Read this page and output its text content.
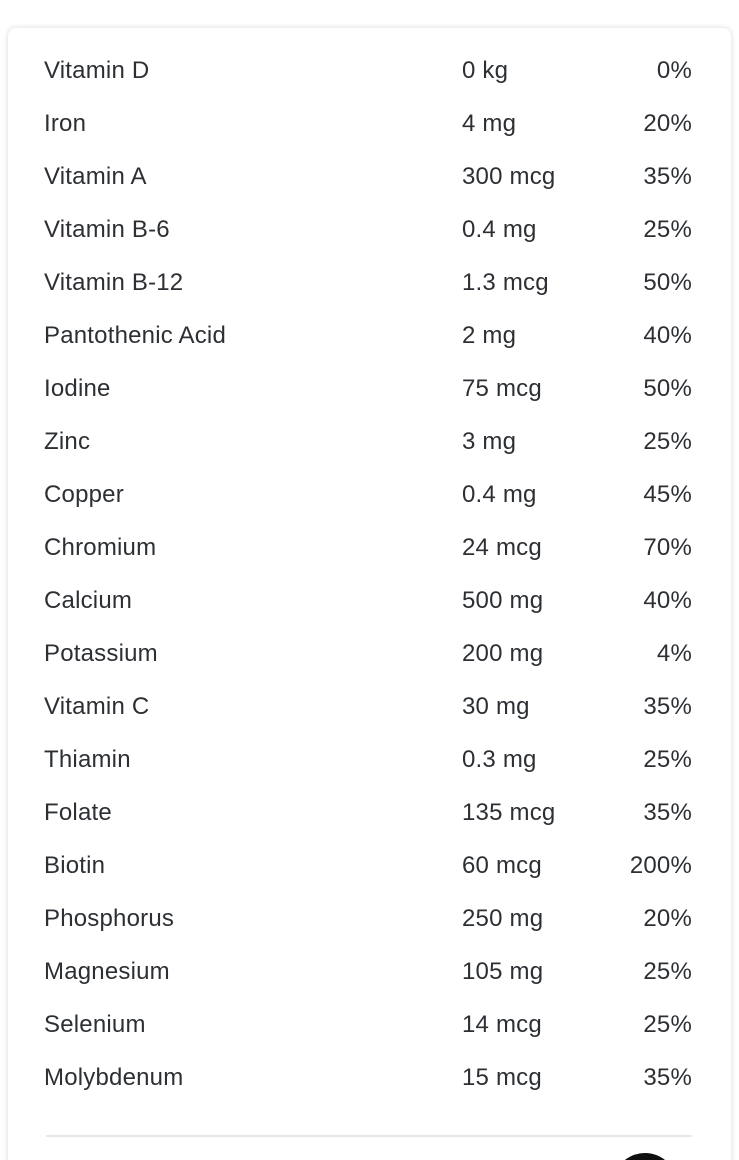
Vitamin D	0 kg	0%
Iron	4 mg	20%
Vitamin A	300 mcg	35%
Vitamin B-6	0.4 mg	25%
Vitamin B-12	1.3 mcg	50%
Pantothenic Acid	2 mg	40%
Iodine	75 mcg	50%
Zinc	3 mg	25%
Copper	0.4 mg	45%
Chromium	24 mcg	70%
Calcium	500 mg	40%
Potassium	200 mg	4%
Vitamin C	30 mg	35%
Thiamin	0.3 mg	25%
Folate	135 mcg	35%
Biotin	60 mcg	200%
Phosphorus	250 mg	20%
Magnesium	105 mg	25%
Selenium	14 mcg	25%
Molybdenum	15 mcg	35%
